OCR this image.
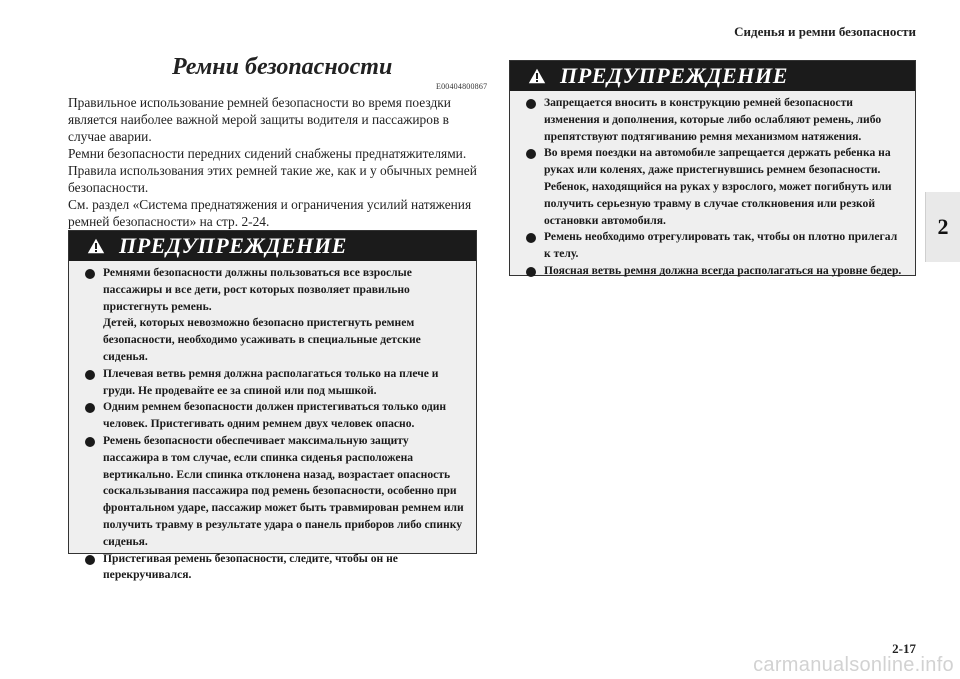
Сиденья и ремни безопасности
2
Ремни безопасности
E00404800867

Правильное использование ремней безопасности во время поездки является наиболее важной мерой защиты водителя и пассажиров в случае аварии.

Ремни безопасности передних сидений снабжены преднатяжителями. Правила использования этих ремней такие же, как и у обычных ремней безопасности.

См. раздел «Система преднатяжения и ограничения усилий натяжения ремней безопасности» на стр. 2-24.

ПРЕДУПРЕЖДЕНИЕ
Ремнями безопасности должны пользоваться все взрослые пассажиры и все дети, рост которых позволяет правильно пристегнуть ремень.
Детей, которых невозможно безопасно пристегнуть ремнем безопасности, необходимо усаживать в специальные детские сиденья.
Плечевая ветвь ремня должна располагаться только на плече и груди. Не продевайте ее за спиной или под мышкой.
Одним ремнем безопасности должен пристегиваться только один человек. Пристегивать одним ремнем двух человек опасно.
Ремень безопасности обеспечивает максимальную защиту пассажира в том случае, если спинка сиденья расположена вертикально. Если спинка отклонена назад, возрастает опасность соскальзывания пассажира под ремень безопасности, особенно при фронтальном ударе, пассажир может быть травмирован ремнем или получить травму в результате удара о панель приборов либо спинку сиденья.
Пристегивая ремень безопасности, следите, чтобы он не перекручивался.
ПРЕДУПРЕЖДЕНИЕ
Запрещается вносить в конструкцию ремней безопасности изменения и дополнения, которые либо ослабляют ремень, либо препятствуют подтягиванию ремня механизмом натяжения.
Во время поездки на автомобиле запрещается держать ребенка на руках или коленях, даже пристегнувшись ремнем безопасности. Ребенок, находящийся на руках у взрослого, может погибнуть или получить серьезную травму в случае столкновения или резкой остановки автомобиля.
Ремень необходимо отрегулировать так, чтобы он плотно прилегал к телу.
Поясная ветвь ремня должна всегда располагаться на уровне бедер.
2-17
carmanualsonline.info
